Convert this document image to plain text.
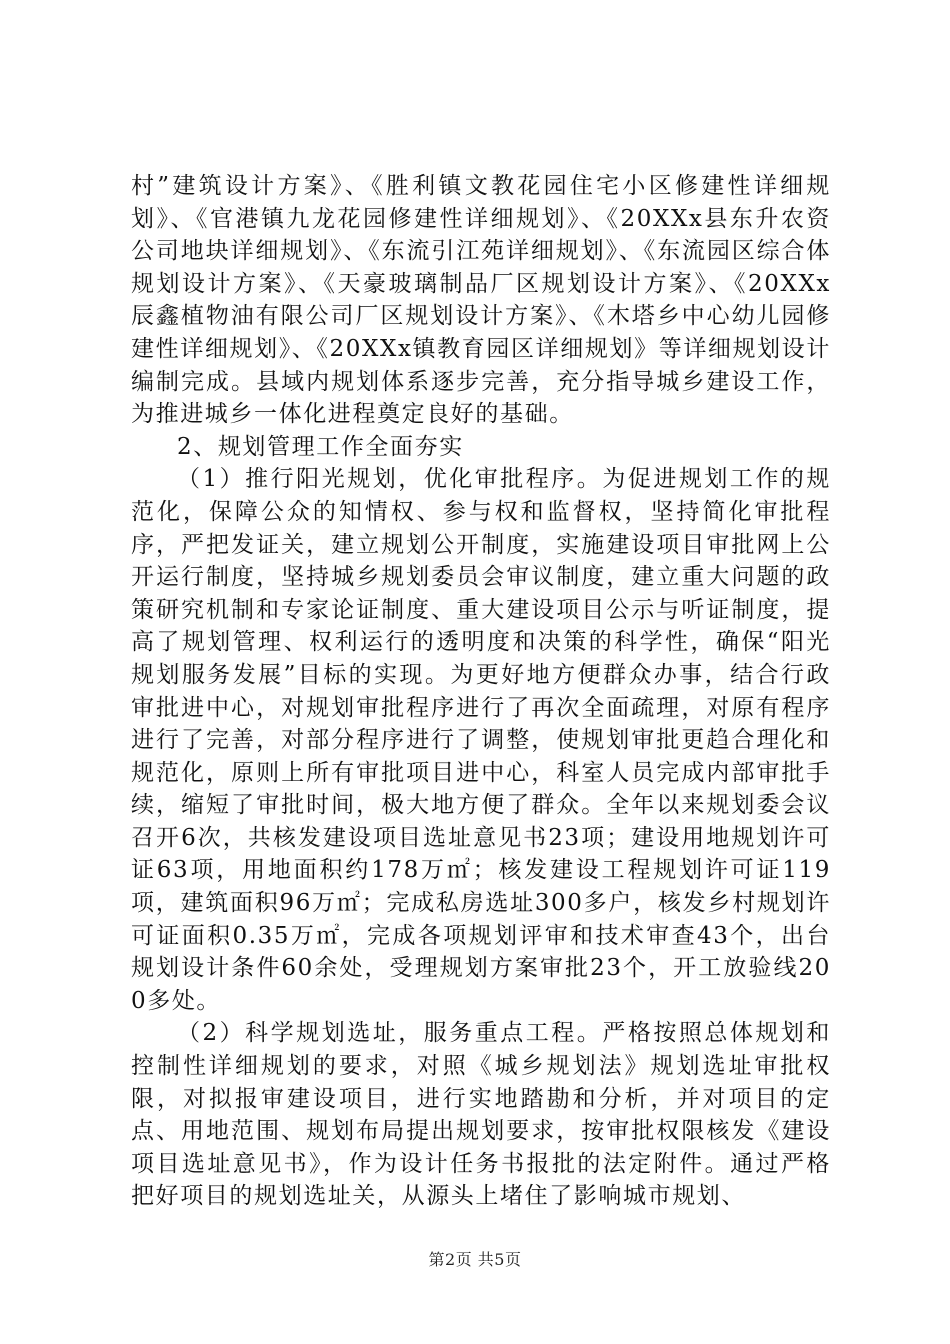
村”建筑设计方案》、《胜利镇文教花园住宅小区修建性详细规划》、《官港镇九龙花园修建性详细规划》、《20XXx县东升农资公司地块详细规划》、《东流引江苑详细规划》、《东流园区综合体规划设计方案》、《天豪玻璃制品厂区规划设计方案》、《20XXx辰鑫植物油有限公司厂区规划设计方案》、《木塔乡中心幼儿园修建性详细规划》、《20XXx镇教育园区详细规划》等详细规划设计编制完成。县域内规划体系逐步完善，充分指导城乡建设工作，为推进城乡一体化进程奠定良好的基础。

2、规划管理工作全面夯实

（1）推行阳光规划，优化审批程序。为促进规划工作的规范化，保障公众的知情权、参与权和监督权，坚持简化审批程序，严把发证关，建立规划公开制度，实施建设项目审批网上公开运行制度，坚持城乡规划委员会审议制度，建立重大问题的政策研究机制和专家论证制度、重大建设项目公示与听证制度，提高了规划管理、权利运行的透明度和决策的科学性，确保“阳光规划服务发展”目标的实现。为更好地方便群众办事，结合行政审批进中心，对规划审批程序进行了再次全面疏理，对原有程序进行了完善，对部分程序进行了调整，使规划审批更趋合理化和规范化，原则上所有审批项目进中心，科室人员完成内部审批手续，缩短了审批时间，极大地方便了群众。全年以来规划委会议召开6次，共核发建设项目选址意见书23项；建设用地规划许可证63项，用地面积约178万㎡；核发建设工程规划许可证119项，建筑面积96万㎡；完成私房选址300多户，核发乡村规划许可证面积0.35万㎡，完成各项规划评审和技术审查43个，出台规划设计条件60余处，受理规划方案审批23个，开工放验线200多处。

（2）科学规划选址，服务重点工程。严格按照总体规划和控制性详细规划的要求，对照《城乡规划法》规划选址审批权限，对拟报审建设项目，进行实地踏勘和分析，并对项目的定点、用地范围、规划布局提出规划要求，按审批权限核发《建设项目选址意见书》，作为设计任务书报批的法定附件。通过严格把好项目的规划选址关，从源头上堵住了影响城市规划、

第2页 共5页
